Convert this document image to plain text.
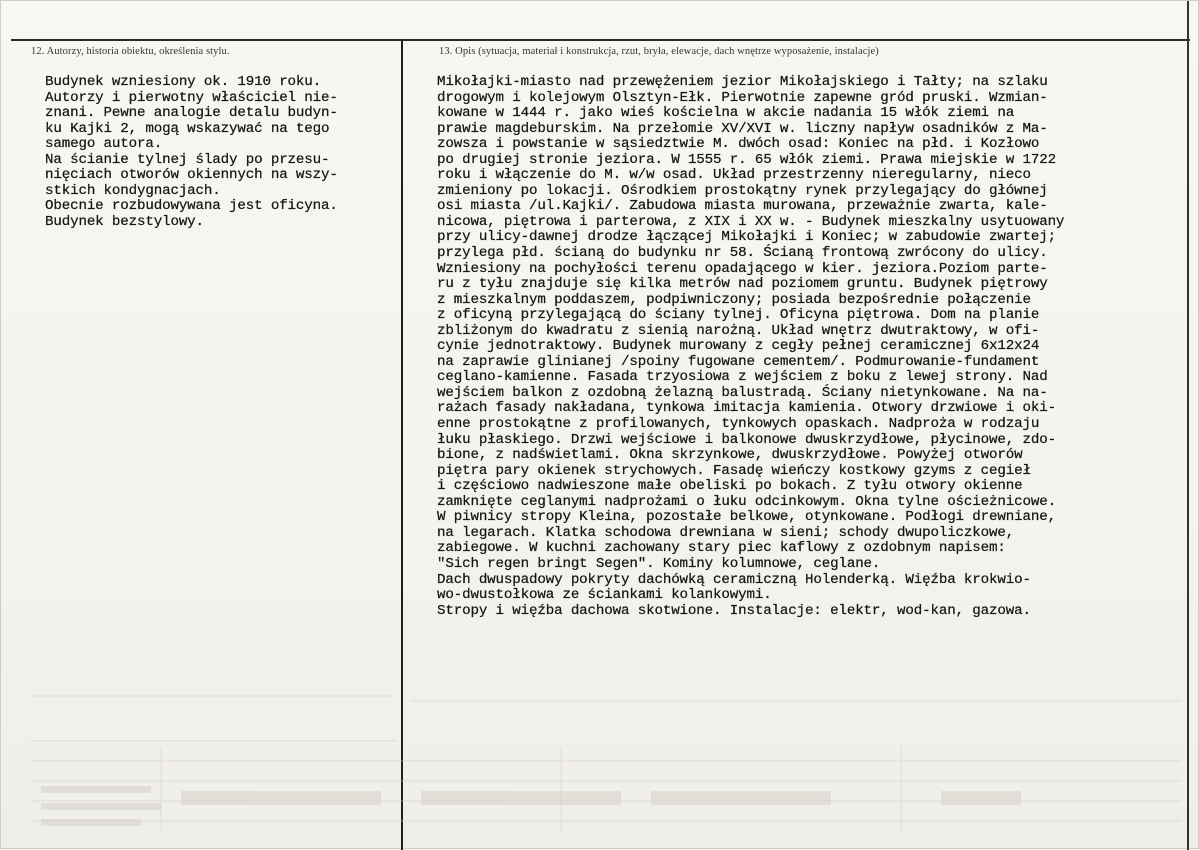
12. Autorzy, historia obiektu, określenia stylu.	13. Opis (sytuacja, materiał i konstrukcja, rzut, bryła, elewacje, dach wnętrze wyposażenie, instalacje)
Budynek wzniesiony ok. 1910 roku.
Autorzy i pierwotny właściciel nie-
znani. Pewne analogie detalu budyn-
ku Kajki 2, mogą wskazywać na tego
samego autora.
Na ścianie tylnej ślady po przesu-
nięciach otworów okiennych na wszy-
stkich kondygnacjach.
Obecnie rozbudowywana jest oficyna.
Budynek bezstylowy.
Mikołajki-miasto nad przewężeniem jezior Mikołajskiego i Tałty; na szlaku
drogowym i kolejowym Olsztyn-Ełk. Pierwotnie zapewne gród pruski. Wzmian-
kowane w 1444 r. jako wieś kościelna w akcie nadania 15 włók ziemi na
prawie magdeburskim. Na przełomie XV/XVI w. liczny napływ osadników z Ma-
zowsza i powstanie w sąsiedztwie M. dwóch osad: Koniec na płd. i Kozłowo
po drugiej stronie jeziora. W 1555 r. 65 włók ziemi. Prawa miejskie w 1722
roku i włączenie do M. w/w osad. Układ przestrzenny nieregularny, nieco
zmieniony po lokacji. Ośrodkiem prostokątny rynek przylegający do głównej
osi miasta /ul.Kajki/. Zabudowa miasta murowana, przeważnie zwarta, kale-
nicowa, piętrowa i parterowa, z XIX i XX w. - Budynek mieszkalny usytuowany
przy ulicy-dawnej drodze łączącej Mikołajki i Koniec; w zabudowie zwartej;
przylega płd. ścianą do budynku nr 58. Ścianą frontową zwrócony do ulicy.
Wzniesiony na pochyłości terenu opadającego w kier. jeziora.Poziom parte-
ru z tyłu znajduje się kilka metrów nad poziomem gruntu. Budynek piętrowy
z mieszkalnym poddaszem, podpiwniczony; posiada bezpośrednie połączenie
z oficyną przylegającą do ściany tylnej. Oficyna piętrowa. Dom na planie
zbliżonym do kwadratu z sienią narożną. Układ wnętrz dwutraktowy, w ofi-
cynie jednotraktowy. Budynek murowany z cegły pełnej ceramicznej 6x12x24
na zaprawie glinianej /spoiny fugowane cementem/. Podmurowanie-fundament
ceglano-kamienne. Fasada trzyosiowa z wejściem z boku z lewej strony. Nad
wejściem balkon z ozdobną żelazną balustradą. Ściany nietynkowane. Na na-
rażach fasady nakładana, tynkowa imitacja kamienia. Otwory drzwiowe i oki-
enne prostokątne z profilowanych, tynkowych opaskach. Nadproża w rodzaju
łuku płaskiego. Drzwi wejściowe i balkonowe dwuskrzydłowe, płycinowe, zdo-
bione, z nadświetlami. Okna skrzynkowe, dwuskrzydłowe. Powyżej otworów
piętra pary okienek strychowych. Fasadę wieńczy kostkowy gzyms z cegieł
i częściowo nadwieszone małe obeliski po bokach. Z tyłu otwory okienne
zamknięte ceglanymi nadprożami o łuku odcinkowym. Okna tylne ościeżnicowe.
W piwnicy stropy Kleina, pozostałe belkowe, otynkowane. Podłogi drewniane,
na legarach. Klatka schodowa drewniana w sieni; schody dwupoliczkowe,
zabiegowe. W kuchni zachowany stary piec kaflowy z ozdobnym napisem:
"Sich regen bringt Segen". Kominy kolumnowe, ceglane.
Dach dwuspadowy pokryty dachówką ceramiczną Holenderką. Więźba krokwio-
wo-dwustołkowa ze ściankami kolankowymi.
Stropy i więźba dachowa skotwione. Instalacje: elektr, wod-kan, gazowa.
